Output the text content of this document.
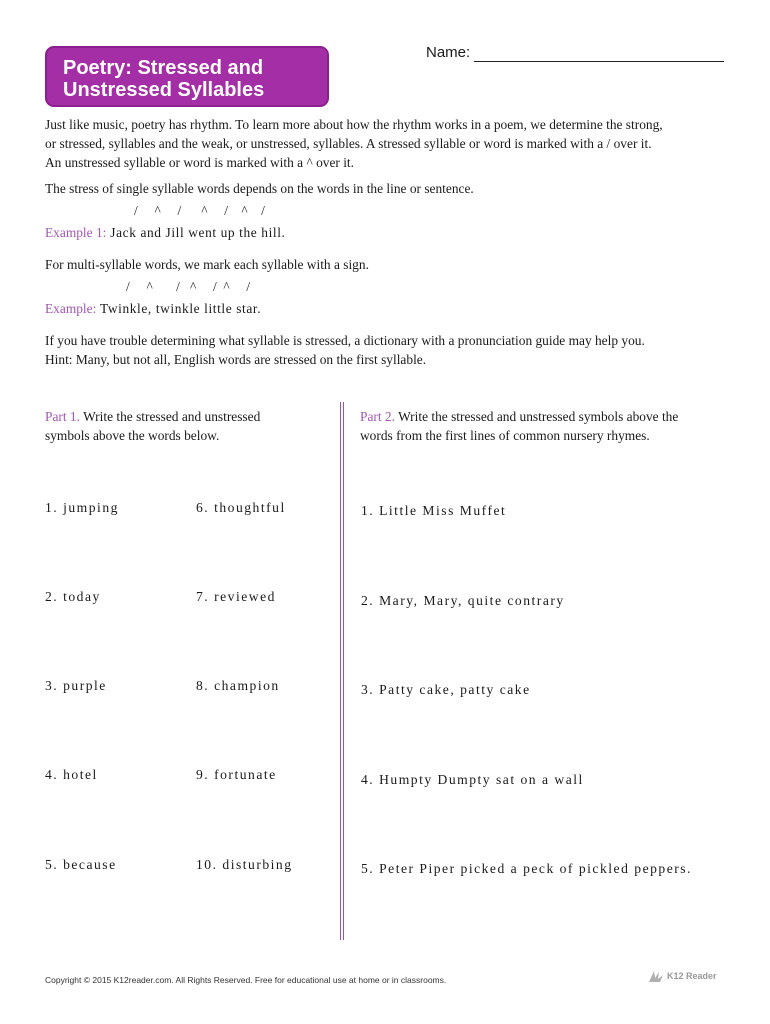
Poetry: Stressed and
Unstressed Syllables
Name:

Just like music, poetry has rhythm. To learn more about how the rhythm works in a poem, we determine the strong,
or stressed, syllables and the weak, or unstressed, syllables. A stressed syllable or word is marked with a / over it.
An unstressed syllable or word is marked with a ^ over it.

The stress of single syllable words depends on the words in the line or sentence.

/     ^     /      ^     /    ^    /

Example 1: Jack and Jill went up the hill.

For multi-syllable words, we mark each syllable with a sign.

/     ^       /   ^     /  ^     /

Example: Twinkle, twinkle little star.

If you have trouble determining what syllable is stressed, a dictionary with a pronunciation guide may help you.
Hint: Many, but not all, English words are stressed on the first syllable.

Part 1. Write the stressed and unstressed
symbols above the words below.
Part 2. Write the stressed and unstressed symbols above the
words from the first lines of common nursery rhymes.
1. jumping
2. today
3. purple
4. hotel
5. because
6. thoughtful
7. reviewed
8. champion
9. fortunate
10. disturbing
1. Little Miss Muffet
2. Mary, Mary, quite contrary
3. Patty cake, patty cake
4. Humpty Dumpty sat on a wall
5. Peter Piper picked a peck of pickled peppers.
Copyright © 2015 K12reader.com. All Rights Reserved. Free for educational use at home or in classrooms.	K12 Reader
